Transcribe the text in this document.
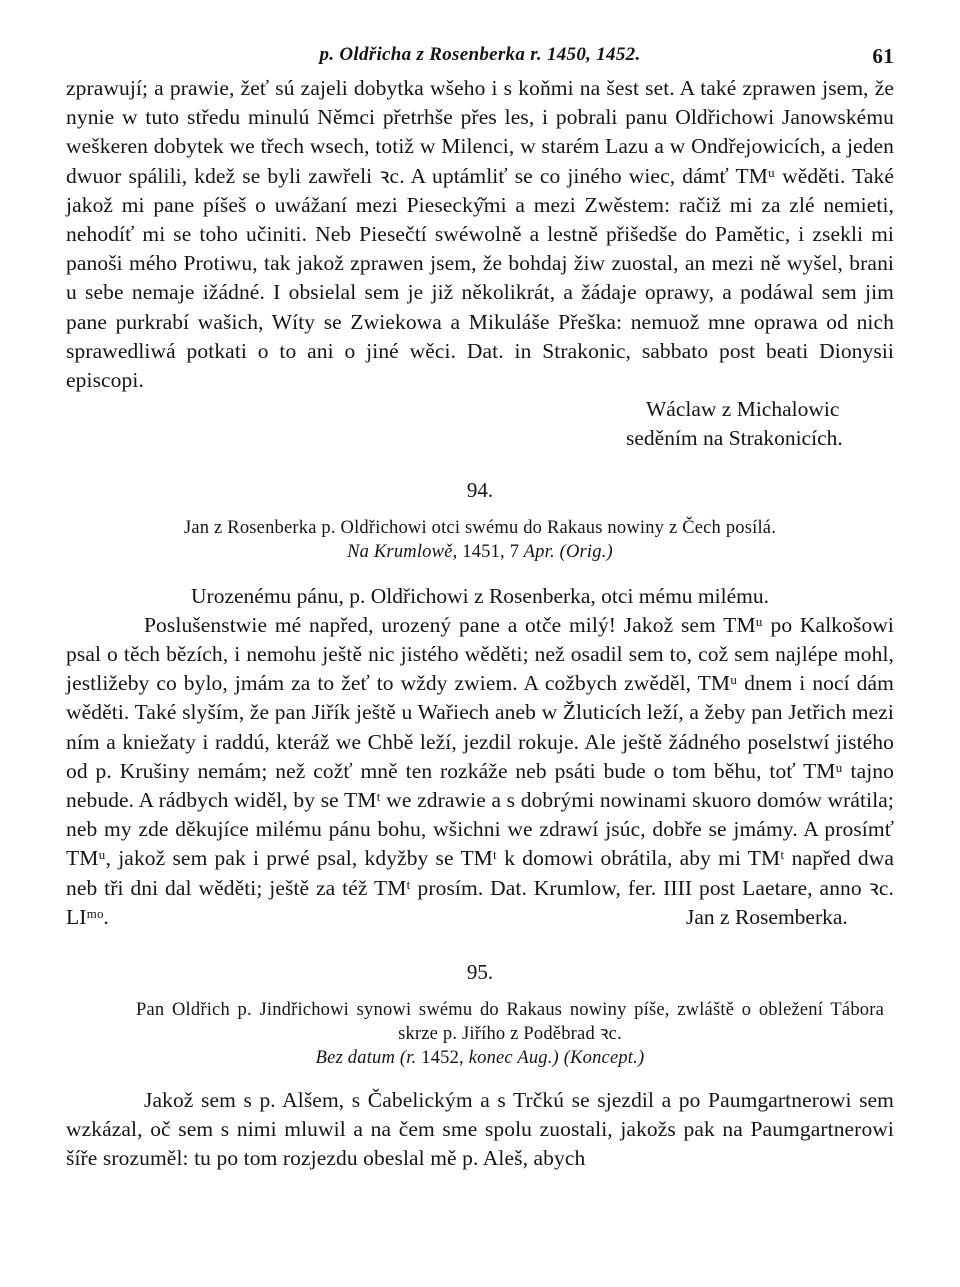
p. Oldřicha z Rosenberka r. 1450, 1452.	61

zprawují; a prawie, žeť sú zajeli dobytka wšeho i s koňmi na šest set. A také zprawen jsem, že nynie w tuto středu minulú Němci přetrhše přes les, i pobrali panu Oldřichowi Janowskému weškeren dobytek we třech wsech, totiž w Milenci, w starém Lazu a w Ondřejowicích, a jeden dwuor spálili, kdež se byli zawřeli ꝛc. A uptámliť se co jiného wiec, dámť TMᵘ wěděti. Také jakož mi pane píšeš o uwážaní mezi Piesecký̌mi a mezi Zwěstem: račiž mi za zlé nemieti, nehodíť mi se toho učiniti. Neb Piesečtí swéwolně a lestně přišedše do Pamětic, i zsekli mi panoši mého Protiwu, tak jakož zprawen jsem, že bohdaj žiw zuostal, an mezi ně wyšel, brani u sebe nemaje ižádné. I obsielal sem je již několikrát, a žádaje oprawy, a podáwal sem jim pane purkrabí wašich, Wíty se Zwiekowa a Mikuláše Přeška: nemuož mne oprawa od nich sprawedliwá potkati o to ani o jiné wěci. Dat. in Strakonic, sabbato post beati Dionysii episcopi.

Wáclaw z Michalowic
seděním na Strakonicích.
94.
Jan z Rosenberka p. Oldřichowi otci swému do Rakaus nowiny z Čech posílá.
Na Krumlowě, 1451, 7 Apr. (Orig.)
Urozenému pánu, p. Oldřichowi z Rosenberka, otci mému milému.

Poslušenstwie mé napřed, urozený pane a otče milý! Jakož sem TMᵘ po Kalkošowi psal o těch bězích, i nemohu ještě nic jistého wěděti; než osadil sem to, což sem najlépe mohl, jestližeby co bylo, jmám za to žeť to wždy zwiem. A cožbych zwěděl, TMᵘ dnem i nocí dám wěděti. Také slyším, že pan Jiřík ještě u Wařiech aneb w Žluticích leží, a žeby pan Jetřich mezi ním a kniežaty i raddú, kteráž we Chbě leží, jezdil rokuje. Ale ještě žádného poselstwí jistého od p. Krušiny nemám; než cožť mně ten rozkáže neb psáti bude o tom běhu, toť TMᵘ tajno nebude. A rádbych widěl, by se TMᵗ we zdrawie a s dobrými nowinami skuoro domów wrátila; neb my zde děkujíce milému pánu bohu, wšichni we zdrawí jsúc, dobře se jmámy. A prosímť TMᵘ, jakož sem pak i prwé psal, kdyžby se TMᵗ k domowi obrátila, aby mi TMᵗ napřed dwa neb tři dni dal wěděti; ještě za též TMᵗ prosím. Dat. Krumlow, fer. IIII post Laetare, anno ꝛc. LIᵐᵒ.	Jan z Rosemberka.
95.
Pan Oldřich p. Jindřichowi synowi swému do Rakaus nowiny píše, zwláště o obležení Tábora skrze p. Jiřího z Poděbrad ꝛc.
Bez datum (r. 1452, konec Aug.) (Koncept.)

Jakož sem s p. Alšem, s Čabelickým a s Trčkú se sjezdil a po Paumgartnerowi sem wzkázal, oč sem s nimi mluwil a na čem sme spolu zuostali, jakožs pak na Paumgartnerowi šíře srozuměl: tu po tom rozjezdu obeslal mě p. Aleš, abych
